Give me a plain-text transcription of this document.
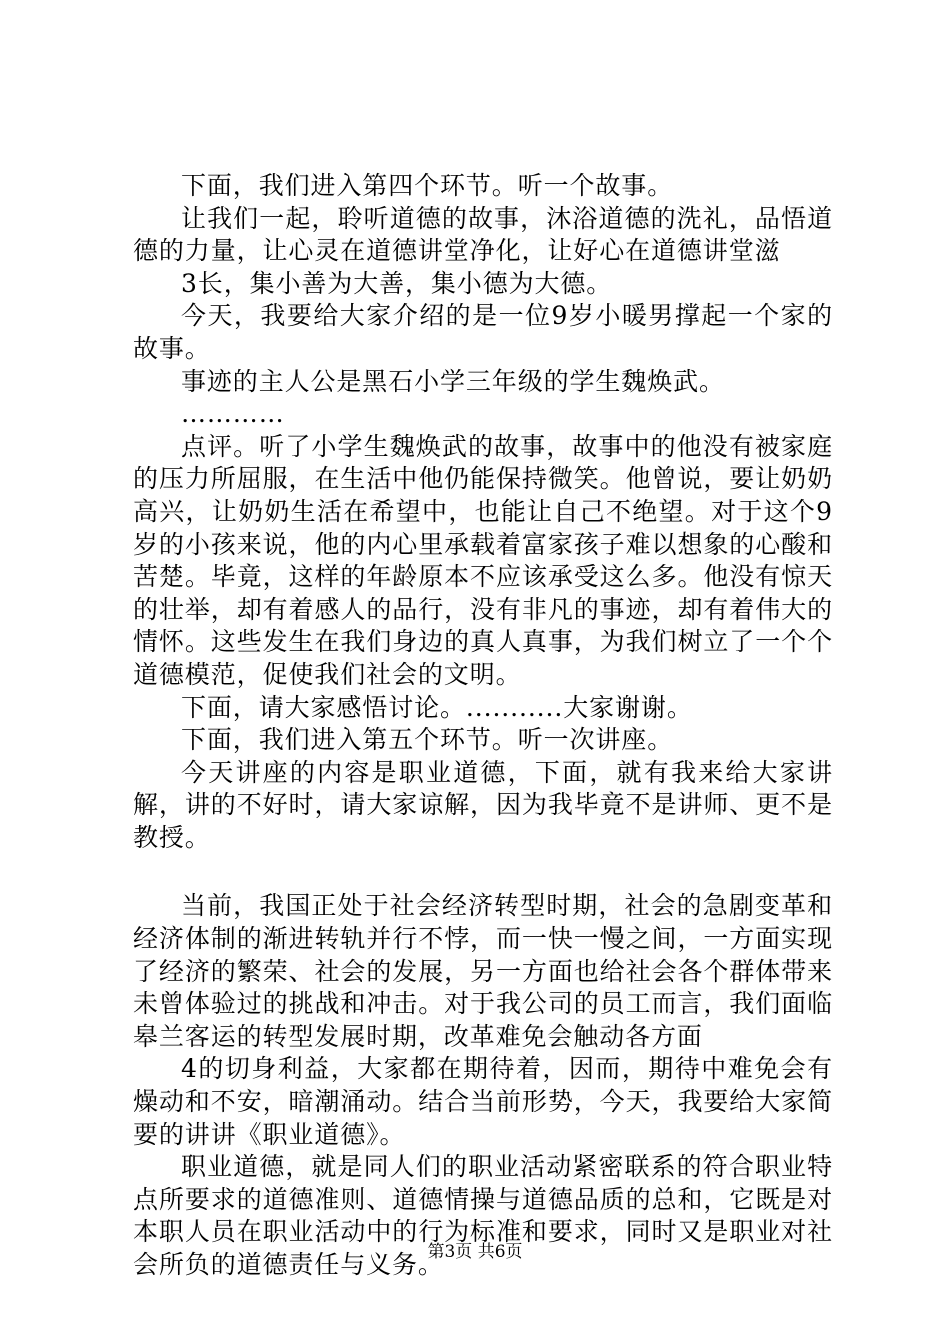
下面，我们进入第四个环节。听一个故事。

让我们一起，聆听道德的故事，沐浴道德的洗礼，品悟道德的力量，让心灵在道德讲堂净化，让好心在道德讲堂滋

3长，集小善为大善，集小德为大德。

今天，我要给大家介绍的是一位9岁小暖男撑起一个家的故事。

事迹的主人公是黑石小学三年级的学生魏焕武。

…………

点评。听了小学生魏焕武的故事，故事中的他没有被家庭的压力所屈服，在生活中他仍能保持微笑。他曾说，要让奶奶高兴，让奶奶生活在希望中，也能让自己不绝望。对于这个9岁的小孩来说，他的内心里承载着富家孩子难以想象的心酸和苦楚。毕竟，这样的年龄原本不应该承受这么多。他没有惊天的壮举，却有着感人的品行，没有非凡的事迹，却有着伟大的情怀。这些发生在我们身边的真人真事，为我们树立了一个个道德模范，促使我们社会的文明。

下面，请大家感悟讨论。...........大家谢谢。

下面，我们进入第五个环节。听一次讲座。

今天讲座的内容是职业道德，下面，就有我来给大家讲解，讲的不好时，请大家谅解，因为我毕竟不是讲师、更不是教授。

当前，我国正处于社会经济转型时期，社会的急剧变革和经济体制的渐进转轨并行不悖，而一快一慢之间，一方面实现了经济的繁荣、社会的发展，另一方面也给社会各个群体带来未曾体验过的挑战和冲击。对于我公司的员工而言，我们面临皋兰客运的转型发展时期，改革难免会触动各方面

4的切身利益，大家都在期待着，因而，期待中难免会有燥动和不安，暗潮涌动。结合当前形势，今天，我要给大家简要的讲讲《职业道德》。

职业道德，就是同人们的职业活动紧密联系的符合职业特点所要求的道德准则、道德情操与道德品质的总和，它既是对本职人员在职业活动中的行为标准和要求，同时又是职业对社会所负的道德责任与义务。

第3页 共6页
